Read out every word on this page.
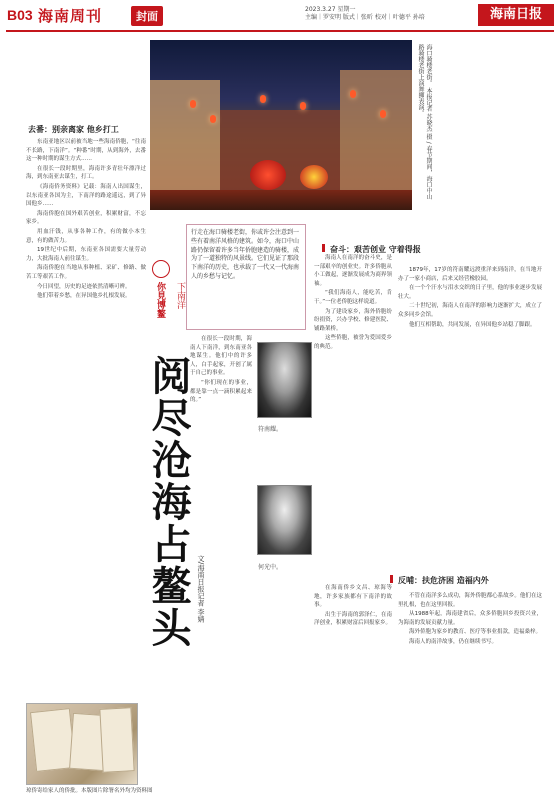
B03 海南周刊	封面
2023.3.27 星期一
主编｜罗安明 版式｜张昕 校对｜叶德平 孙培	海南日报
海口骑楼老街。 本报记者 苏晓杰 摄 / 春节期间，海口中山路骑楼老街上演舞狮表演。
去番：别亲离家 他乡打工

东南亚地区以前被当地一些海南侨胞，“往南不长路，下南洋”。“种番”时期，从到海外，去番这一种时期的谋生方式……

在很长一段时期里，海南许多青壮年漂洋过海，到东南亚去谋生，打工。

《海南侨务资料》记载：海南人出国谋生，以东南亚各国为主，下南洋的路途遥远，到了异国他乡……

海南侨胞在国外艰苦创业，积累财富，不忘家乡。

用血汗钱，从事各种工作，有的做小本生意，有的做苦力。

19世纪中后期，东南亚各国需要大量劳动力，大批海南人前往谋生。

海南侨胞在当地从事种植、采矿、修路、做苦工等艰苦工作。

今日回望，历史的足迹依然清晰可辨。

他们带着乡愁，在异国他乡扎根发展。	你見博鳌 下南洋
阅尽沧海占鳌头 文/海南日报记者 李婧
行走在海口骑楼老街，你或许会注意到一些有着南洋风格的建筑。如今，海口中山路仍保留着许多当年侨胞建造的骑楼，成为了一道独特的风景线。它们见证了那段下南洋的历史，也承载了一代又一代海南人的乡愁与记忆。

在很长一段时期，海南人下南洋，到东南亚各地谋生。他们中的许多人，白手起家，开创了属于自己的事业。

“你们现在的事业，都是靠一点一滴积累起来的。”

符南耀。
何光中。

海南人在南洋的奋斗史，是一部艰辛的创业史。许多侨胞从小工做起，逐渐发展成为商界领袖。

“我们海南人，能吃苦，肯干。”一位老侨胞这样说道。

为了建设家乡，海外侨胞纷纷捐资，兴办学校、修建医院、铺路架桥。

这些侨胞，被誉为爱国爱乡的典范。

在海南侨乡文昌、琼海等地，许多家族都有下南洋的故事。

出生于海南的郭泽仁，在南洋创业，积累财富后回报家乡。

奋斗：艰苦创业 守着得报

1879年，17岁的符南耀远渡重洋来到南洋，在当地开办了一家小商店，后来又经营橡胶园。

在一个个汗水与泪水交织的日子里，他的事业逐步发展壮大。

二十世纪初，海南人在南洋的影响力逐渐扩大，成立了众多同乡会馆。

他们互相帮助，共同发展，在异国他乡站稳了脚跟。

反哺：扶危济困 造福内外

不管在南洋多么成功，海外侨胞都心系故乡。他们在这里扎根，也在这里回报。

从1988年起，海南建省后，众多侨胞回乡投资兴业，为海南的发展贡献力量。

海外侨胞为家乡的教育、医疗等事业捐款，造福桑梓。

海南人的南洋故事，仍在继续书写。

琼侨寄给家人的侨批。本版图片除署名外均为资料图
